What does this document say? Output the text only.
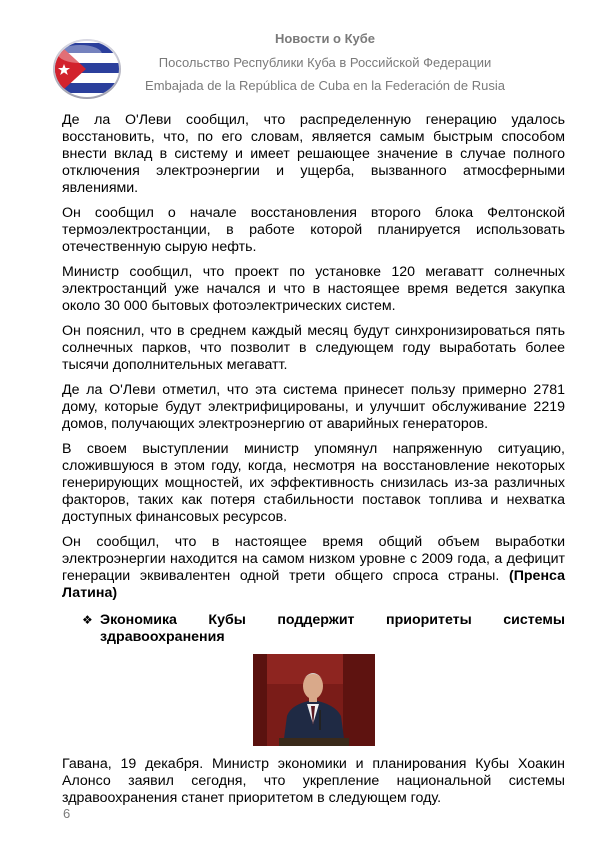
Новости о Кубе
Посольство Республики Куба в Российской Федерации
Embajada de la República de Cuba en la Federación de Rusia

Де ла О'Леви сообщил, что распределенную генерацию удалось восстановить, что, по его словам, является самым быстрым способом внести вклад в систему и имеет решающее значение в случае полного отключения электроэнергии и ущерба, вызванного атмосферными явлениями.

Он сообщил о начале восстановления второго блока Фелтонской термоэлектростанции, в работе которой планируется использовать отечественную сырую нефть.

Министр сообщил, что проект по установке 120 мегаватт солнечных электростанций уже начался и что в настоящее время ведется закупка около 30 000 бытовых фотоэлектрических систем.

Он пояснил, что в среднем каждый месяц будут синхронизироваться пять солнечных парков, что позволит в следующем году выработать более тысячи дополнительных мегаватт.

Де ла О'Леви отметил, что эта система принесет пользу примерно 2781 дому, которые будут электрифицированы, и улучшит обслуживание 2219 домов, получающих электроэнергию от аварийных генераторов.

В своем выступлении министр упомянул напряженную ситуацию, сложившуюся в этом году, когда, несмотря на восстановление некоторых генерирующих мощностей, их эффективность снизилась из-за различных факторов, таких как потеря стабильности поставок топлива и нехватка доступных финансовых ресурсов.

Он сообщил, что в настоящее время общий объем выработки электроэнергии находится на самом низком уровне с 2009 года, а дефицит генерации эквивалентен одной трети общего спроса страны. (Пренса Латина)

❖ Экономика Кубы поддержит приоритеты системы здравоохранения

Гавана, 19 декабря. Министр экономики и планирования Кубы Хоакин Алонсо заявил сегодня, что укрепление национальной системы здравоохранения станет приоритетом в следующем году.

6
